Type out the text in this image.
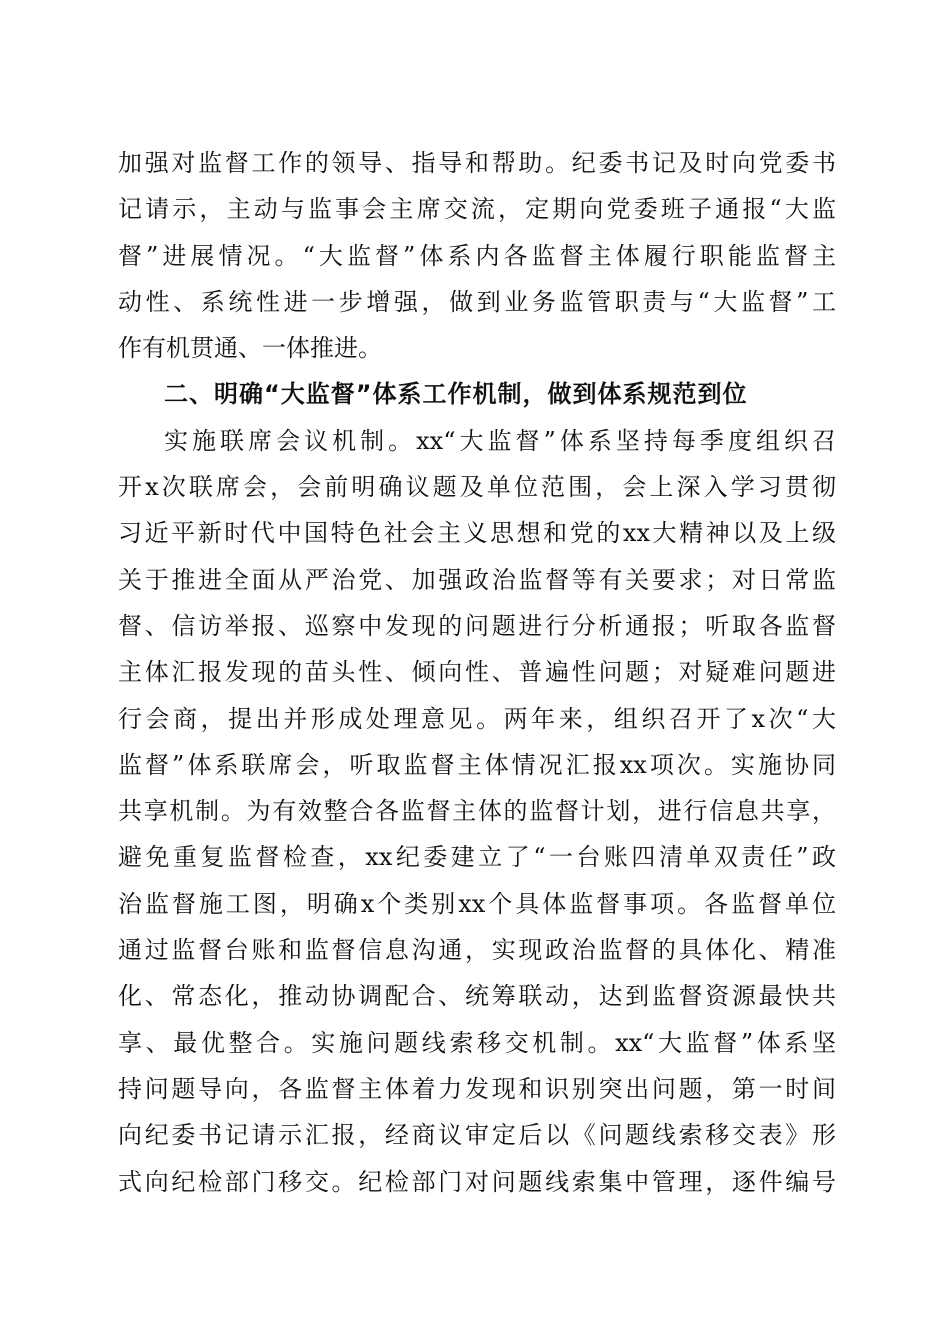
加强对监督工作的领导、指导和帮助。纪委书记及时向党委书
记请示，主动与监事会主席交流，定期向党委班子通报“大监
督”进展情况。“大监督”体系内各监督主体履行职能监督主
动性、系统性进一步增强，做到业务监管职责与“大监督”工
作有机贯通、一体推进。
二、明确“大监督”体系工作机制，做到体系规范到位
实施联席会议机制。xx“大监督”体系坚持每季度组织召
开x次联席会，会前明确议题及单位范围，会上深入学习贯彻
习近平新时代中国特色社会主义思想和党的xx大精神以及上级
关于推进全面从严治党、加强政治监督等有关要求；对日常监
督、信访举报、巡察中发现的问题进行分析通报；听取各监督
主体汇报发现的苗头性、倾向性、普遍性问题；对疑难问题进
行会商，提出并形成处理意见。两年来，组织召开了x次“大
监督”体系联席会，听取监督主体情况汇报xx项次。实施协同
共享机制。为有效整合各监督主体的监督计划，进行信息共享，
避免重复监督检查，xx纪委建立了“一台账四清单双责任”政
治监督施工图，明确x个类别xx个具体监督事项。各监督单位
通过监督台账和监督信息沟通，实现政治监督的具体化、精准
化、常态化，推动协调配合、统筹联动，达到监督资源最快共
享、最优整合。实施问题线索移交机制。xx“大监督”体系坚
持问题导向，各监督主体着力发现和识别突出问题，第一时间
向纪委书记请示汇报，经商议审定后以《问题线索移交表》形
式向纪检部门移交。纪检部门对问题线索集中管理，逐件编号
